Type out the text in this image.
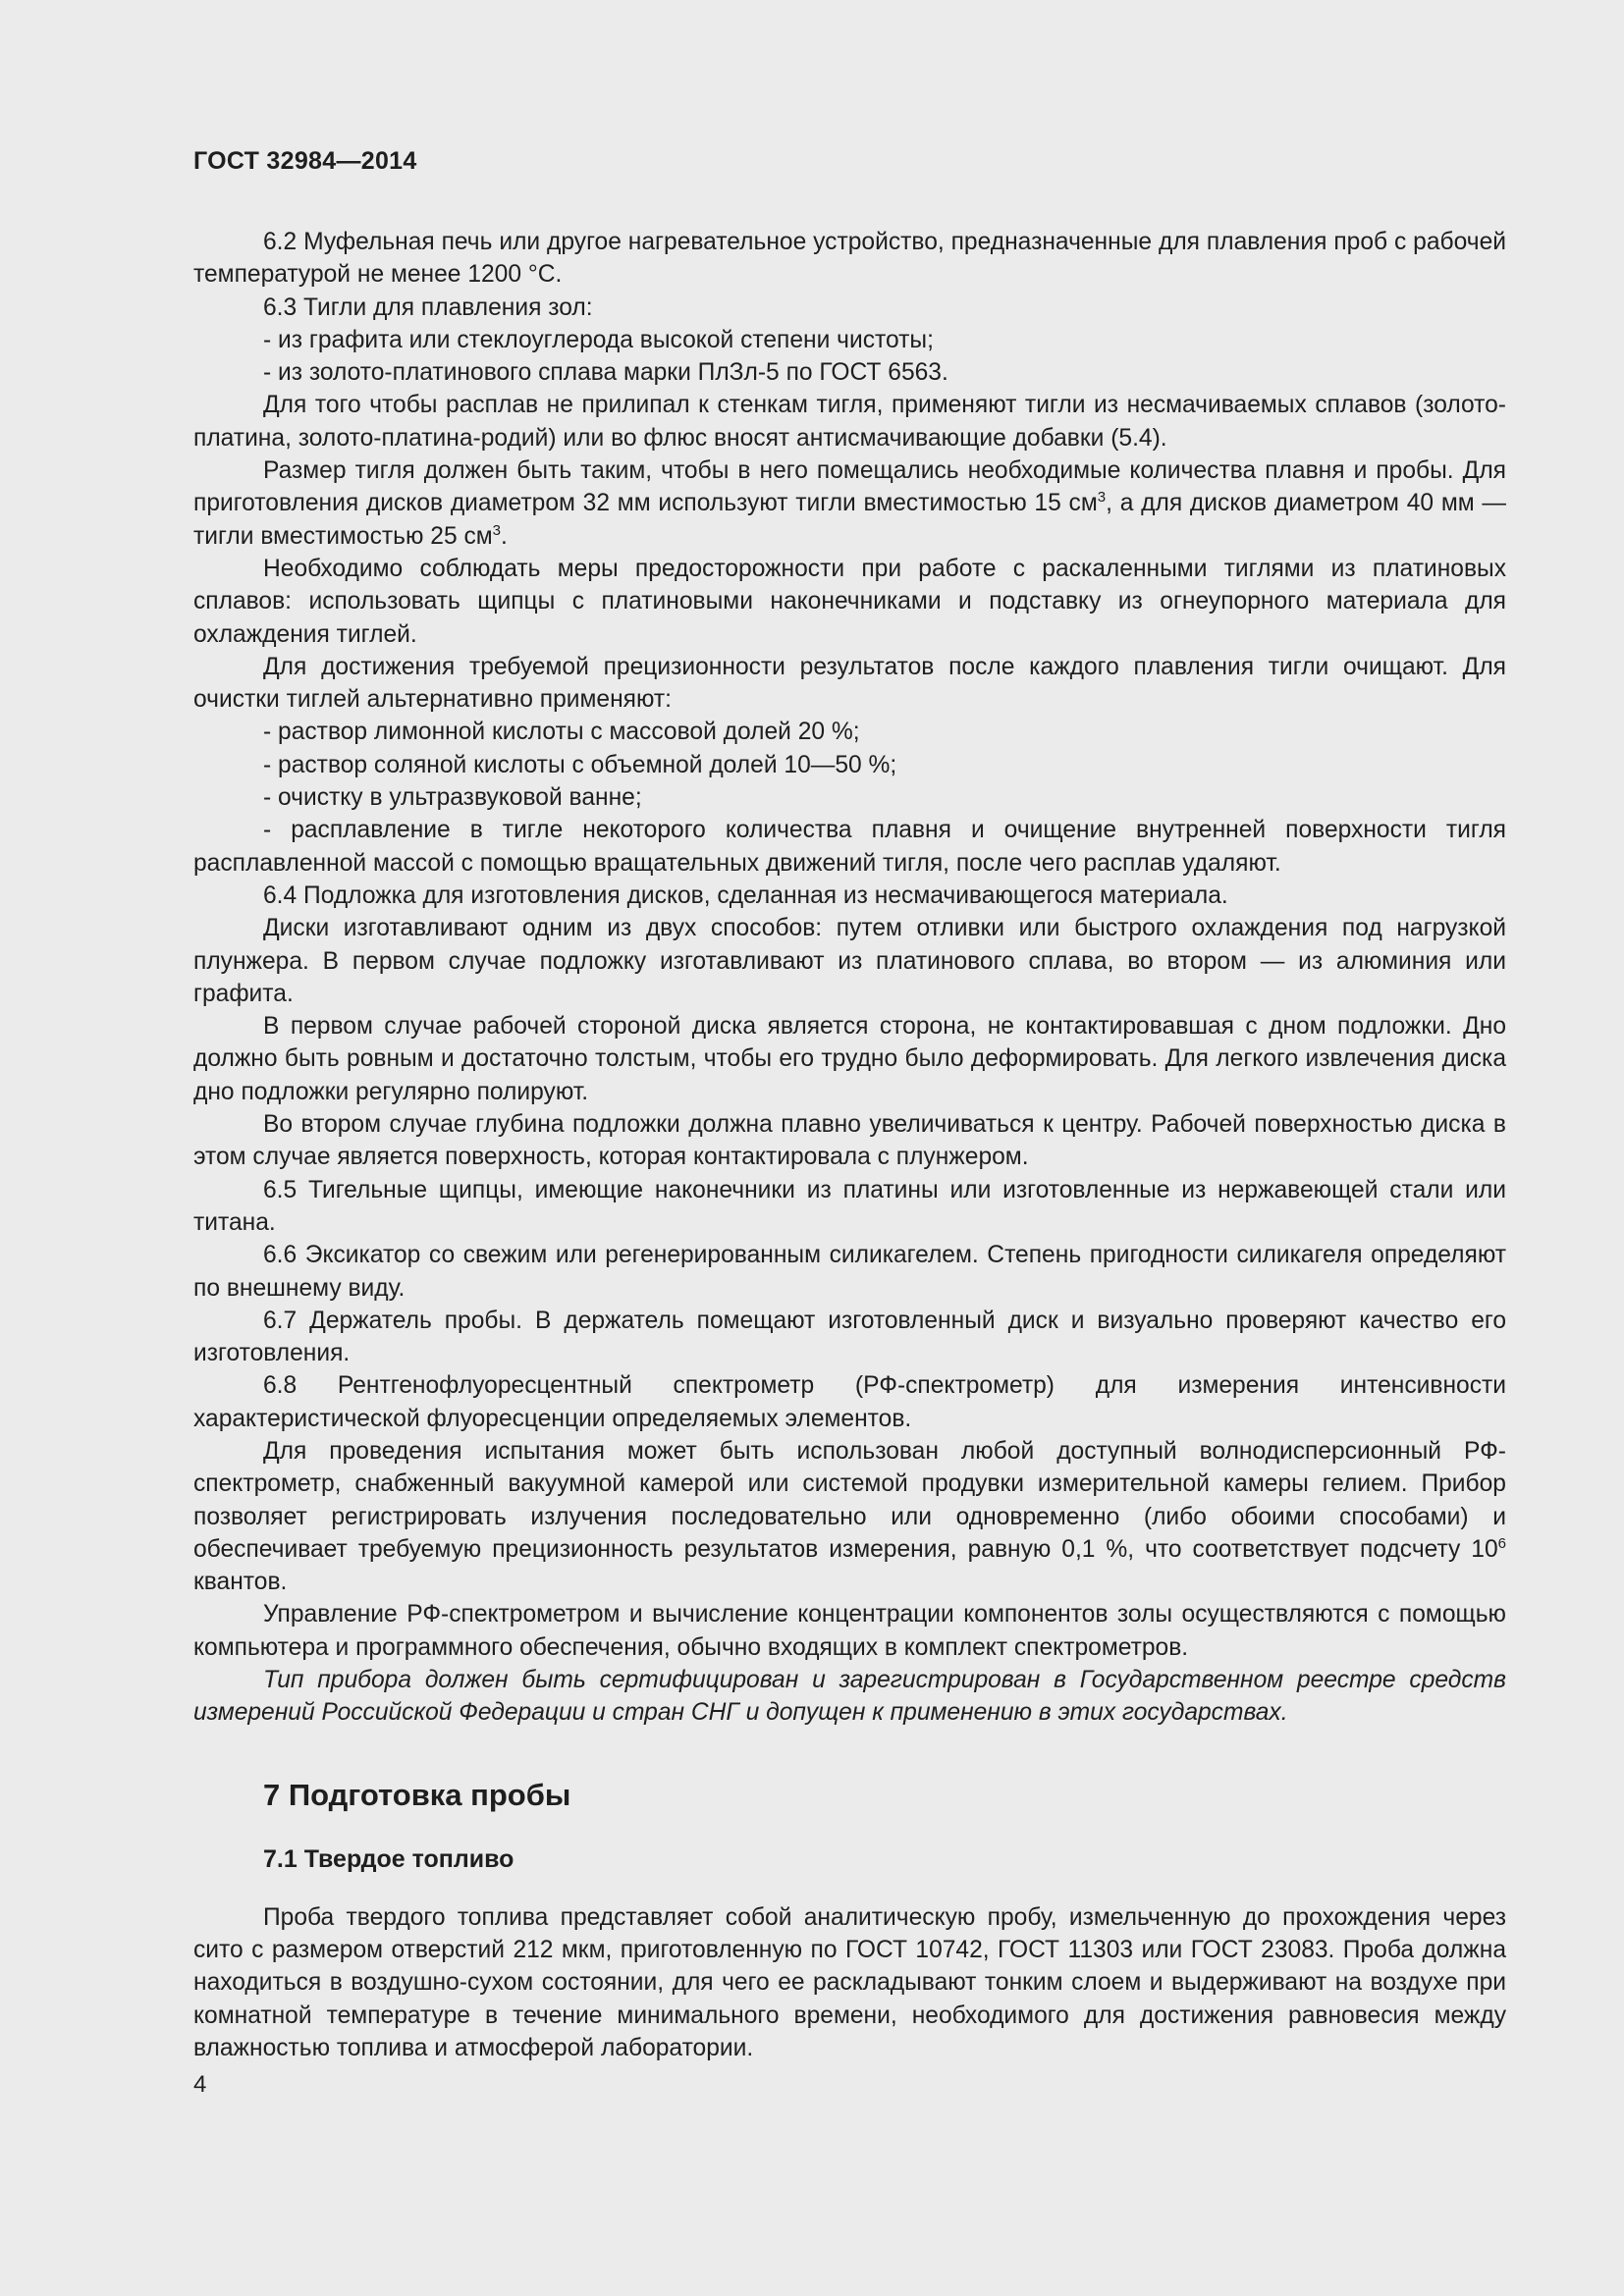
ГОСТ 32984—2014

6.2 Муфельная печь или другое нагревательное устройство, предназначенные для плавления проб с рабочей температурой не менее 1200 °С.

6.3 Тигли для плавления зол:

- из графита или стеклоуглерода высокой степени чистоты;

- из золото-платинового сплава марки ПлЗл-5 по ГОСТ 6563.

Для того чтобы расплав не прилипал к стенкам тигля, применяют тигли из несмачиваемых сплавов (золото-платина, золото-платина-родий) или во флюс вносят антисмачивающие добавки (5.4).

Размер тигля должен быть таким, чтобы в него помещались необходимые количества плавня и пробы. Для приготовления дисков диаметром 32 мм используют тигли вместимостью 15 $см^3$, а для дисков диаметром 40 мм — тигли вместимостью 25 $см^3$.

Необходимо соблюдать меры предосторожности при работе с раскаленными тиглями из платиновых сплавов: использовать щипцы с платиновыми наконечниками и подставку из огнеупорного материала для охлаждения тиглей.

Для достижения требуемой прецизионности результатов после каждого плавления тигли очищают. Для очистки тиглей альтернативно применяют:

- раствор лимонной кислоты с массовой долей 20 %;

- раствор соляной кислоты с объемной долей 10—50 %;

- очистку в ультразвуковой ванне;

- расплавление в тигле некоторого количества плавня и очищение внутренней поверхности тигля расплавленной массой с помощью вращательных движений тигля, после чего расплав удаляют.

6.4 Подложка для изготовления дисков, сделанная из несмачивающегося материала.

Диски изготавливают одним из двух способов: путем отливки или быстрого охлаждения под нагрузкой плунжера. В первом случае подложку изготавливают из платинового сплава, во втором — из алюминия или графита.

В первом случае рабочей стороной диска является сторона, не контактировавшая с дном подложки. Дно должно быть ровным и достаточно толстым, чтобы его трудно было деформировать. Для легкого извлечения диска дно подложки регулярно полируют.

Во втором случае глубина подложки должна плавно увеличиваться к центру. Рабочей поверхностью диска в этом случае является поверхность, которая контактировала с плунжером.

6.5 Тигельные щипцы, имеющие наконечники из платины или изготовленные из нержавеющей стали или титана.

6.6 Эксикатор со свежим или регенерированным силикагелем. Степень пригодности силикагеля определяют по внешнему виду.

6.7 Держатель пробы. В держатель помещают изготовленный диск и визуально проверяют качество его изготовления.

6.8 Рентгенофлуоресцентный спектрометр (РФ-спектрометр) для измерения интенсивности характеристической флуоресценции определяемых элементов.

Для проведения испытания может быть использован любой доступный волнодисперсионный РФ-спектрометр, снабженный вакуумной камерой или системой продувки измерительной камеры гелием. Прибор позволяет регистрировать излучения последовательно или одновременно (либо обоими способами) и обеспечивает требуемую прецизионность результатов измерения, равную 0,1 %, что соответствует подсчету $10^6$ квантов.

Управление РФ-спектрометром и вычисление концентрации компонентов золы осуществляются с помощью компьютера и программного обеспечения, обычно входящих в комплект спектрометров.

Тип прибора должен быть сертифицирован и зарегистрирован в Государственном реестре средств измерений Российской Федерации и стран СНГ и допущен к применению в этих государствах.

7 Подготовка пробы
7.1 Твердое топливо

Проба твердого топлива представляет собой аналитическую пробу, измельченную до прохождения через сито с размером отверстий 212 мкм, приготовленную по ГОСТ 10742, ГОСТ 11303 или ГОСТ 23083. Проба должна находиться в воздушно-сухом состоянии, для чего ее раскладывают тонким слоем и выдерживают на воздухе при комнатной температуре в течение минимального времени, необходимого для достижения равновесия между влажностью топлива и атмосферой лаборатории.

4
